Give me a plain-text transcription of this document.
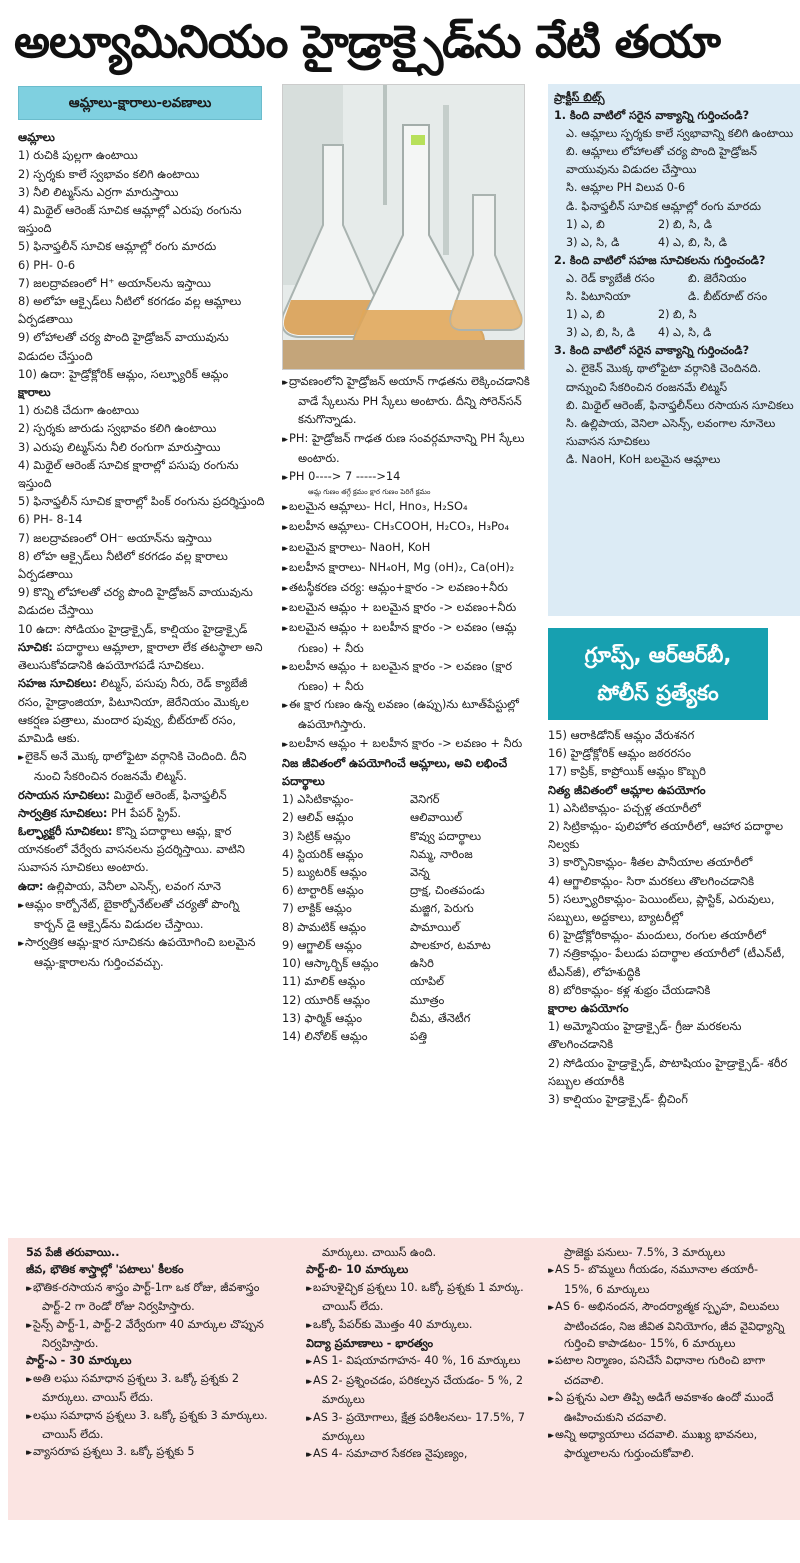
అల్యూమినియం హైడ్రాక్సైడ్‌ను వేటి తయా
ఆమ్లాలు-క్షారాలు-లవణాలు

ఆమ్లాలు

1) రుచికి పుల్లగా ఉంటాయి

2) స్పర్శకు కాలే స్వభావం కలిగి ఉంటాయి

3) నీలి లిట్మస్‌ను ఎర్రగా మారుస్తాయి

4) మిథైల్ ఆరెంజ్ సూచిక ఆమ్లాల్లో ఎరుపు రంగును ఇస్తుంది

5) ఫినాఫ్తలీన్ సూచిక ఆమ్లాల్లో రంగు మారదు

6) PH- 0-6

7) జలద్రావణంలో H⁺ అయాన్‌లను ఇస్తాయి

8) అలోహ ఆక్సైడ్‌లు నీటిలో కరగడం వల్ల ఆమ్లాలు ఏర్పడతాయి

9) లోహాలతో చర్య పొంది హైడ్రోజన్ వాయువును విడుదల చేస్తుంది

10) ఉదా: హైడ్రోక్లోరిక్ ఆమ్లం, సల్ఫ్యూరిక్ ఆమ్లం

క్షారాలు

1) రుచికి చేదుగా ఉంటాయి

2) స్పర్శకు జారుడు స్వభావం కలిగి ఉంటాయి

3) ఎరుపు లిట్మస్‌ను నీలి రంగుగా మారుస్తాయి

4) మిథైల్ ఆరెంజ్ సూచిక క్షారాల్లో పసుపు రంగును ఇస్తుంది

5) ఫినాఫ్తలీన్ సూచిక క్షారాల్లో పింక్ రంగును ప్రదర్శిస్తుంది

6) PH- 8-14

7) జలద్రావణంలో OH⁻ అయాన్‌ను ఇస్తాయి

8) లోహ ఆక్సైడ్‌లు నీటిలో కరగడం వల్ల క్షారాలు ఏర్పడతాయి

9) కొన్ని లోహాలతో చర్య పొంది హైడ్రోజన్ వాయువును విడుదల చేస్తాయి

10 ఉదా: సోడియం హైడ్రాక్సైడ్, కాల్షియం హైడ్రాక్సైడ్

సూచిక: పదార్థాలు ఆమ్లాలా, క్షారాలా లేక తటస్థాలా అని తెలుసుకోవడానికి ఉపయోగపడే సూచికలు.

సహజ సూచికలు: లిట్మస్, పసుపు నీరు, రెడ్ క్యాబేజీ రసం, హైడ్రాంజియా, పిటూనియా, జెరేనియం మొక్కల ఆకర్షణ పత్రాలు, మందార పువ్వు, బీట్‌రూట్ రసం, మామిడి ఆకు.

▸▸ లైకెన్ అనే మొక్క థాలోఫైటా వర్గానికి చెందింది. దీని నుంచి సేకరించిన రంజనమే లిట్మస్.

రసాయన సూచికలు: మిథైల్ ఆరెంజ్, ఫినాఫ్తలీన్

సార్వత్రిక సూచికలు: PH పేపర్ స్ట్రిప్.

ఓల్ఫ్యాక్టరీ సూచికలు: కొన్ని పదార్థాలు ఆమ్ల, క్షార యానకంలో వేర్వేరు వాసనలను ప్రదర్శిస్తాయి. వాటిని సువాసన సూచికలు అంటారు.

ఉదా: ఉల్లిపాయ, వెనీలా ఎసెన్స్, లవంగ నూనె

▸▸ ఆమ్లం కార్బోనేట్, బైకార్బోనేట్‌లతో చర్యతో పొంగ్ని కార్బన్ డై ఆక్సైడ్‌ను విడుదల చేస్తాయి.

▸▸ సార్వత్రిక ఆమ్ల-క్షార సూచికను ఉపయోగించి బలమైన ఆమ్ల-క్షారాలను గుర్తించవచ్చు.

▸▸ ద్రావణంలోని హైడ్రోజన్ అయాన్ గాఢతను లెక్కించడానికి వాడే స్కేలును PH స్కేలు అంటారు. దీన్ని సోరెన్‌సన్ కనుగొన్నాడు.

▸▸ PH: హైడ్రోజన్ గాఢత రుణ సంవర్గమానాన్ని PH స్కేలు అంటారు.

▸▸ PH 0----> 7 ----->14

ఆమ్ల గుణం తగ్గే క్రమం క్షార గుణం పెరిగే క్రమం

▸▸ బలమైన ఆమ్లాలు- Hcl, Hno₃, H₂SO₄

▸▸ బలహీన ఆమ్లాలు- CH₃COOH, H₂CO₃, H₃Po₄

▸▸ బలమైన క్షారాలు- NaoH, KoH

▸▸ బలహీన క్షారాలు- NH₄oH, Mg (oH)₂, Ca(oH)₂

▸▸ తటస్థీకరణ చర్య: ఆమ్లం+క్షారం -> లవణం+నీరు

▸▸ బలమైన ఆమ్లం + బలమైన క్షారం -> లవణం+నీరు

▸▸ బలమైన ఆమ్లం + బలహీన క్షారం -> లవణం (ఆమ్ల గుణం) + నీరు

▸▸ బలహీన ఆమ్లం + బలమైన క్షారం -> లవణం (క్షార గుణం) + నీరు

▸▸ ఈ క్షార గుణం ఉన్న లవణం (ఉప్పు)ను టూత్‌పేస్టుల్లో ఉపయోగిస్తారు.

▸▸ బలహీన ఆమ్లం + బలహీన క్షారం -> లవణం + నీరు

నిజ జీవితంలో ఉపయోగించే ఆమ్లాలు, అవి లభించే పదార్థాలు

1) ఎసిటికామ్లం-	వెనిగర్

2) ఆలివ్ ఆమ్లం	ఆలివాయిల్

3) సిట్రిక్ ఆమ్లం	కొవ్వు పదార్థాలు

4) స్టియరిక్ ఆమ్లం	నిమ్మ, నారింజ

5) బ్యుటరిక్ ఆమ్లం	వెన్న

6) టార్టారిక్ ఆమ్లం	ద్రాక్ష, చింతపండు

7) లాక్టిక్ ఆమ్లం	మజ్జిగ, పెరుగు

8) పామటిక్ ఆమ్లం	పామాయిల్

9) ఆగ్జాలిక్ ఆమ్లం	పాలకూర, టమాట

10) ఆస్కార్బిక్ ఆమ్లం	ఉసిరి

11) మాలిక్ ఆమ్లం	యాపిల్

12) యూరిక్ ఆమ్లం	మూత్రం

13) ఫార్మిక్ ఆమ్లం	చీమ, తేనెటీగ

14) లినోలిక్ ఆమ్లం	పత్తి

ప్రాక్టీస్ బిట్స్

1. కింది వాటిలో సరైన వాక్యాన్ని గుర్తించండి?

ఎ. ఆమ్లాలు స్పర్శకు కాలే స్వభావాన్ని కలిగి ఉంటాయి

బి. ఆమ్లాలు లోహాలతో చర్య పొంది హైడ్రోజన్ వాయువును విడుదల చేస్తాయి

సి. ఆమ్లాల PH విలువ 0-6

డి. ఫినాఫ్తలీన్ సూచిక ఆమ్లాల్లో రంగు మారదు

1) ఎ, బి	2) బి, సి, డి

3) ఎ, సి, డి	4) ఎ, బి, సి, డి

2. కింది వాటిలో సహజ సూచికలను గుర్తించండి?

ఎ. రెడ్ క్యాబేజీ రసం	బి. జెరేనియం

సి. పిటూనియా	డి. బీట్‌రూట్ రసం

1) ఎ, బి	2) బి, సి

3) ఎ, బి, సి, డి 4) ఎ, సి, డి

3. కింది వాటిలో సరైన వాక్యాన్ని గుర్తించండి?

ఎ. లైకెన్ మొక్క థాలోఫైటా వర్గానికి చెందినది. దాన్నుంచి సేకరించిన రంజనమే లిట్మస్

బి. మిథైల్ ఆరెంజ్, ఫినాఫ్తలీన్‌లు రసాయన సూచికలు

సి. ఉల్లిపాయ, వెనిలా ఎసెన్స్, లవంగాల నూనెలు సువాసన సూచికలు

డి. NaoH, KoH బలమైన ఆమ్లాలు

గ్రూప్స్, ఆర్ఆర్‌బీ,
పోలీస్ ప్రత్యేకం

15) ఆరాకిడోనిక్ ఆమ్లం వేరుశనగ

16) హైడ్రోక్లోరిక్ ఆమ్లం జఠరరసం

17) కాప్రిక్, కాప్రోయిక్ ఆమ్లం కొబ్బరి

నిత్య జీవితంలో ఆమ్లాల ఉపయోగం

1) ఎసిటికామ్లం- పచ్చళ్ల తయారీలో

2) సిట్రికామ్లం- పులిహోర తయారీలో, ఆహార పదార్థాల నిల్వకు

3) కార్బొనికామ్లం- శీతల పానీయాల తయారీలో

4) ఆగ్జాలికామ్లం- సిరా మరకలు తొలగించడానికి

5) సల్ఫ్యూరికామ్లం- పెయింట్‌లు, ప్లాస్టిక్, ఎరువులు, సబ్బులు, అద్దకాలు, బ్యాటరీల్లో

6) హైడ్రోక్లోరికామ్లం- మందులు, రంగుల తయారీలో

7) నత్రికామ్లం- పేలుడు పదార్థాల తయారీలో (టీఎన్‌టీ, టీఎన్‌జీ), లోహశుద్ధికి

8) బోరికామ్లం- కళ్ల శుభ్రం చేయడానికి

క్షారాల ఉపయోగం

1) అమ్మోనియం హైడ్రాక్సైడ్- గ్రీజు మరకలను తొలగించడానికి

2) సోడియం హైడ్రాక్సైడ్, పొటాషియం హైడ్రాక్సైడ్- శరీర సబ్బుల తయారీకి

3) కాల్షియం హైడ్రాక్సైడ్- బ్లీచింగ్

5వ పేజీ తరువాయి..

జీవ, భౌతిక శాస్త్రాల్లో 'పటాలు' కీలకం

▸▸ భౌతిక-రసాయన శాస్త్రం పార్ట్-1గా ఒక రోజు, జీవశాస్త్రం పార్ట్-2 గా రెండో రోజు నిర్వహిస్తారు.

▸▸ సైన్స్ పార్ట్-1, పార్ట్-2 వేర్వేరుగా 40 మార్కుల చొప్పున నిర్వహిస్తారు.

పార్ట్-ఎ - 30 మార్కులు

▸▸ అతి లఘు సమాధాన ప్రశ్నలు 3. ఒక్కో ప్రశ్నకు 2 మార్కులు. చాయిస్ లేదు.

▸▸ లఘు సమాధాన ప్రశ్నలు 3. ఒక్కో ప్రశ్నకు 3 మార్కులు. చాయిస్ లేదు.

▸▸ వ్యాసరూప ప్రశ్నలు 3. ఒక్కో ప్రశ్నకు 5

మార్కులు. చాయిస్ ఉంది.

పార్ట్-బి- 10 మార్కులు

▸▸ బహుళైచ్ఛిక ప్రశ్నలు 10. ఒక్కో ప్రశ్నకు 1 మార్కు. చాయిస్ లేదు.

▸▸ ఒక్కో పేపర్‌కు మొత్తం 40 మార్కులు.

విద్యా ప్రమాణాలు - భారత్వం

▸▸ AS 1- విషయావగాహన- 40 %, 16 మార్కులు

▸▸ AS 2- ప్రశ్నించడం, పరికల్పన చేయడం- 5 %, 2 మార్కులు

▸▸ AS 3- ప్రయోగాలు, క్షేత్ర పరిశీలనలు- 17.5%, 7 మార్కులు

▸▸ AS 4- సమాచార సేకరణ నైపుణ్యం,

ప్రాజెక్టు పనులు- 7.5%, 3 మార్కులు

▸▸ AS 5- బొమ్మలు గీయడం, నమూనాల తయారీ- 15%, 6 మార్కులు

▸▸ AS 6- అభినందన, సౌందర్యాత్మక స్పృహ, విలువలు పాటించడం, నిజ జీవిత వినియోగం, జీవ వైవిధ్యాన్ని గుర్తించి కాపాడటం- 15%, 6 మార్కులు

▸▸ పటాల నిర్మాణం, పనిచేసే విధానాల గురించి బాగా చదవాలి.

▸▸ ఏ ప్రశ్నను ఎలా తిప్పి అడిగే అవకాశం ఉందో ముందే ఊహించుకుని చదవాలి.

▸▸ అన్ని అధ్యాయాలు చదవాలి. ముఖ్య భావనలు, ఫార్ములాలను గుర్తుంచుకోవాలి.
